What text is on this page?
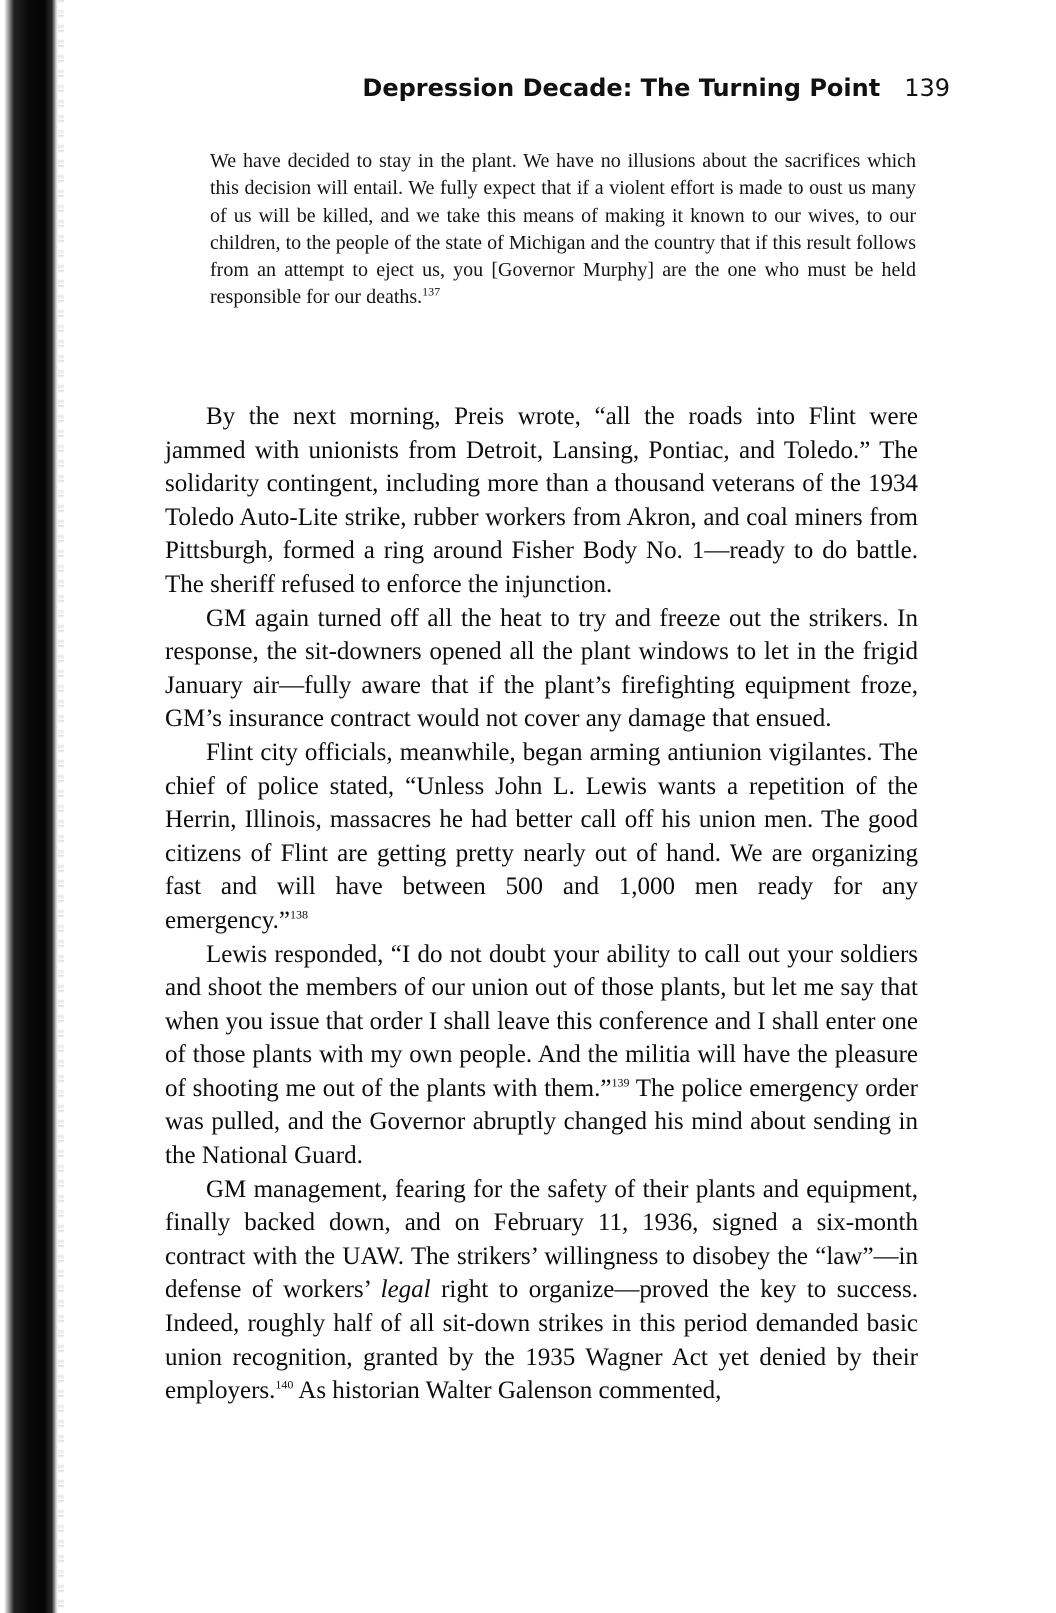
Depression Decade: The Turning Point 139

We have decided to stay in the plant. We have no illusions about the sacrifices which this decision will entail. We fully expect that if a violent effort is made to oust us many of us will be killed, and we take this means of making it known to our wives, to our children, to the people of the state of Michigan and the country that if this result follows from an attempt to eject us, you [Governor Murphy] are the one who must be held responsible for our deaths.$^{137}$

By the next morning, Preis wrote, “all the roads into Flint were jammed with unionists from Detroit, Lansing, Pontiac, and Toledo.” The solidarity contingent, including more than a thousand veterans of the 1934 Toledo Auto-Lite strike, rubber workers from Akron, and coal miners from Pittsburgh, formed a ring around Fisher Body No. 1—ready to do battle. The sheriff refused to enforce the injunction.

GM again turned off all the heat to try and freeze out the strikers. In response, the sit-downers opened all the plant windows to let in the frigid January air—fully aware that if the plant’s firefighting equipment froze, GM’s insurance contract would not cover any damage that ensued.

Flint city officials, meanwhile, began arming antiunion vigilantes. The chief of police stated, “Unless John L. Lewis wants a repetition of the Herrin, Illinois, massacres he had better call off his union men. The good citizens of Flint are getting pretty nearly out of hand. We are organizing fast and will have between 500 and 1,000 men ready for any emergency.”$^{138}$

Lewis responded, “I do not doubt your ability to call out your soldiers and shoot the members of our union out of those plants, but let me say that when you issue that order I shall leave this conference and I shall enter one of those plants with my own people. And the militia will have the pleasure of shooting me out of the plants with them.”$^{139}$ The police emergency order was pulled, and the Governor abruptly changed his mind about sending in the National Guard.

GM management, fearing for the safety of their plants and equipment, finally backed down, and on February 11, 1936, signed a six-month contract with the UAW. The strikers’ willingness to disobey the “law”—in defense of workers’ legal right to organize—proved the key to success. Indeed, roughly half of all sit-down strikes in this period demanded basic union recognition, granted by the 1935 Wagner Act yet denied by their employers.$^{140}$ As historian Walter Galenson commented,
